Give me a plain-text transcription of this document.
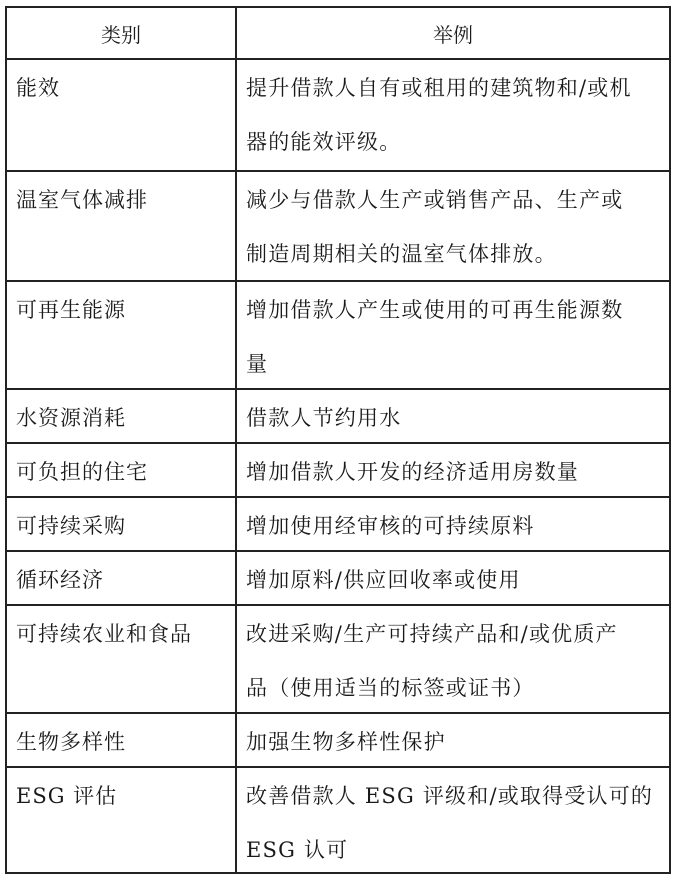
类别	举例
能效	提升借款人自有或租用的建筑物和/或机
器的能效评级。

温室气体减排	减少与借款人生产或销售产品、生产或
制造周期相关的温室气体排放。

可再生能源	增加借款人产生或使用的可再生能源数
量

水资源消耗	借款人节约用水

可负担的住宅	增加借款人开发的经济适用房数量

可持续采购	增加使用经审核的可持续原料

循环经济	增加原料/供应回收率或使用

可持续农业和食品	改进采购/生产可持续产品和/或优质产
品（使用适当的标签或证书）

生物多样性	加强生物多样性保护

ESG 评估	改善借款人 ESG 评级和/或取得受认可的
ESG 认可
